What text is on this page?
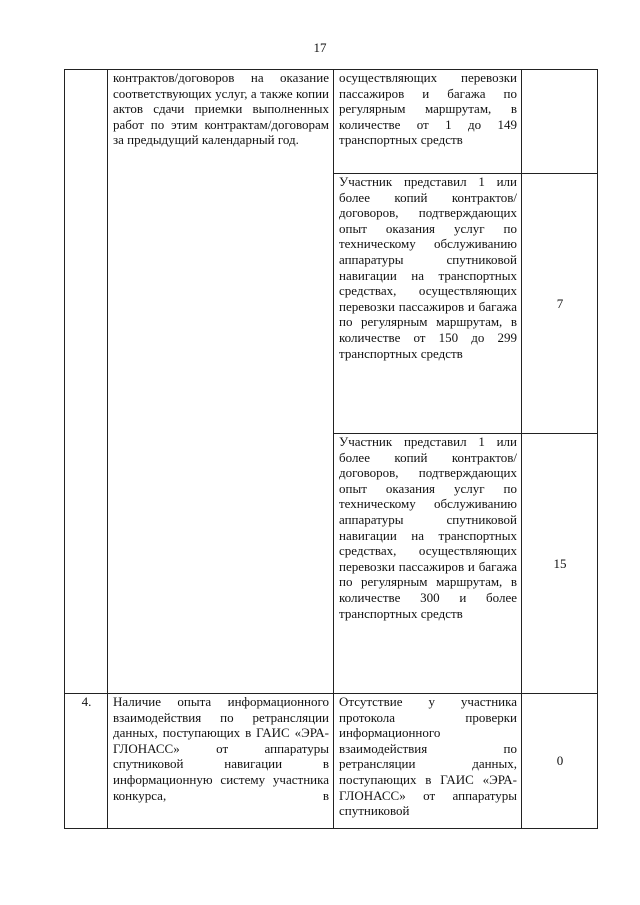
17
	контрактов/договоров на оказание соответствующих услуг, а также копии актов сдачи приемки выполненных работ по этим контрактам/договорам за предыдущий календарный год.	осуществляющих перевозки пассажиров и багажа по регулярным маршрутам, в количестве от 1 до 149 транспортных средств	
		Участник представил 1 или более копий контрактов/договоров, подтверждающих опыт оказания услуг по техническому обслуживанию аппаратуры спутниковой навигации на транспортных средствах, осуществляющих перевозки пассажиров и багажа по регулярным маршрутам, в количестве от 150 до 299 транспортных средств	7
		Участник представил 1 или более копий контрактов/договоров, подтверждающих опыт оказания услуг по техническому обслуживанию аппаратуры спутниковой навигации на транспортных средствах, осуществляющих перевозки пассажиров и багажа по регулярным маршрутам, в количестве 300 и более транспортных средств	15
4.	Наличие опыта информационного взаимодействия по ретрансляции данных, поступающих в ГАИС «ЭРА-ГЛОНАСС» от аппаратуры спутниковой навигации в информационную систему участника конкурса, в	Отсутствие у участника протокола проверки информационного взаимодействия по ретрансляции данных, поступающих в ГАИС «ЭРА-ГЛОНАСС» от аппаратуры спутниковой	0
